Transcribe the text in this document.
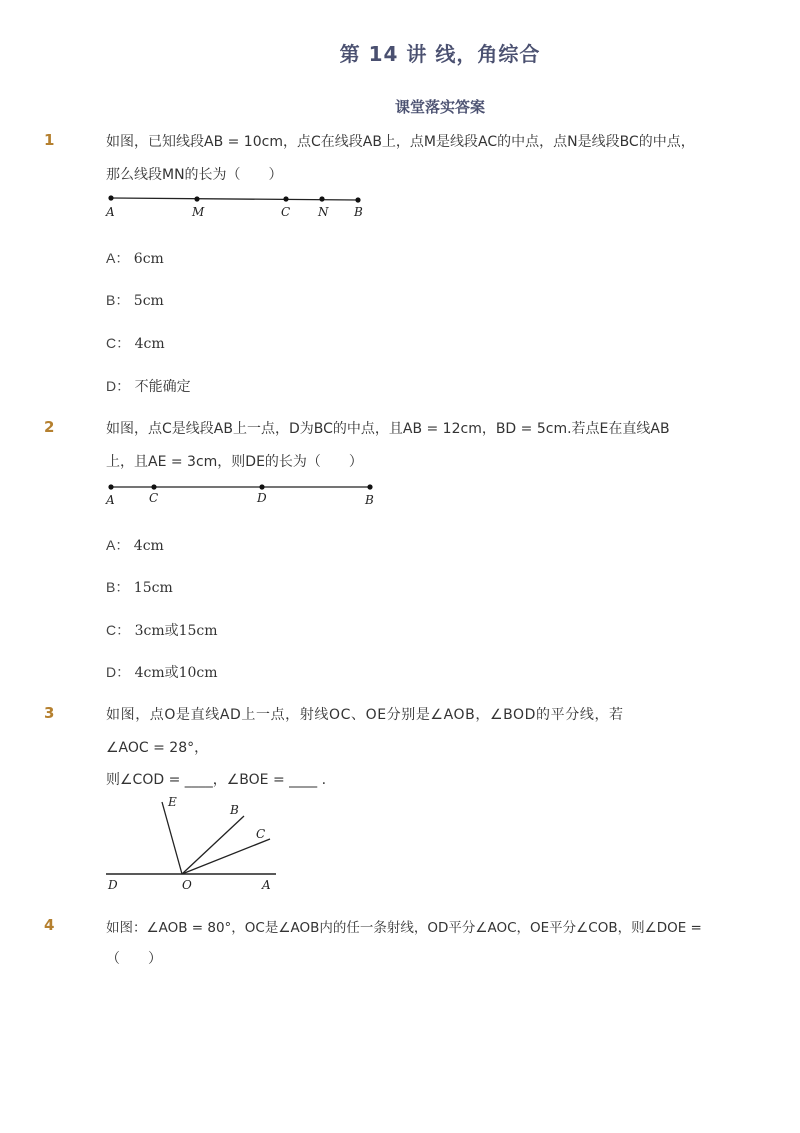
第 14 讲 线，角综合
课堂落实答案
1	如图，已知线段AB = 10cm，点C在线段AB上，点M是线段AC的中点，点N是线段BC的中点，
那么线段MN的长为（　　）
A	M	C N B
A： 6cm
B： 5cm
C： 4cm
D： 不能确定
2	如图，点C是线段AB上一点，D为BC的中点，且AB = 12cm，BD = 5cm.若点E在直线AB
上，且AE = 3cm，则DE的长为（　　）
A	C	D	B
A： 4cm
B： 15cm
C： 3cm或15cm
D： 4cm或10cm
3	如图，点O是直线AD上一点，射线OC、OE分别是∠AOB，∠BOD的平分线，若
∠AOC = 28°，
则∠COD = ____，∠BOE = ____ .
E
B
C
D	O	A
4	如图：∠AOB = 80°，OC是∠AOB内的任一条射线，OD平分∠AOC，OE平分∠COB，则∠DOE =
（　　）
